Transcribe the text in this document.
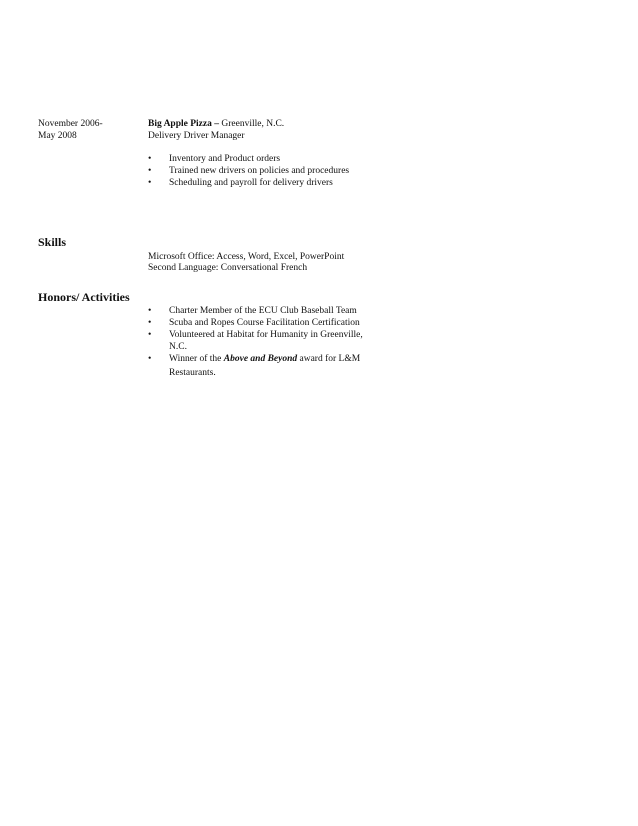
November 2006-
May 2008
Big Apple Pizza – Greenville, N.C.
Delivery Driver Manager
• Inventory and Product orders
• Trained new drivers on policies and procedures
• Scheduling and payroll for delivery drivers
Skills
Microsoft Office: Access, Word, Excel, PowerPoint
Second Language: Conversational French
Honors/ Activities
• Charter Member of the ECU Club Baseball Team
• Scuba and Ropes Course Facilitation Certification
• Volunteered at Habitat for Humanity in Greenville,
N.C.
• Winner of the Above and Beyond award for L&M
Restaurants.
